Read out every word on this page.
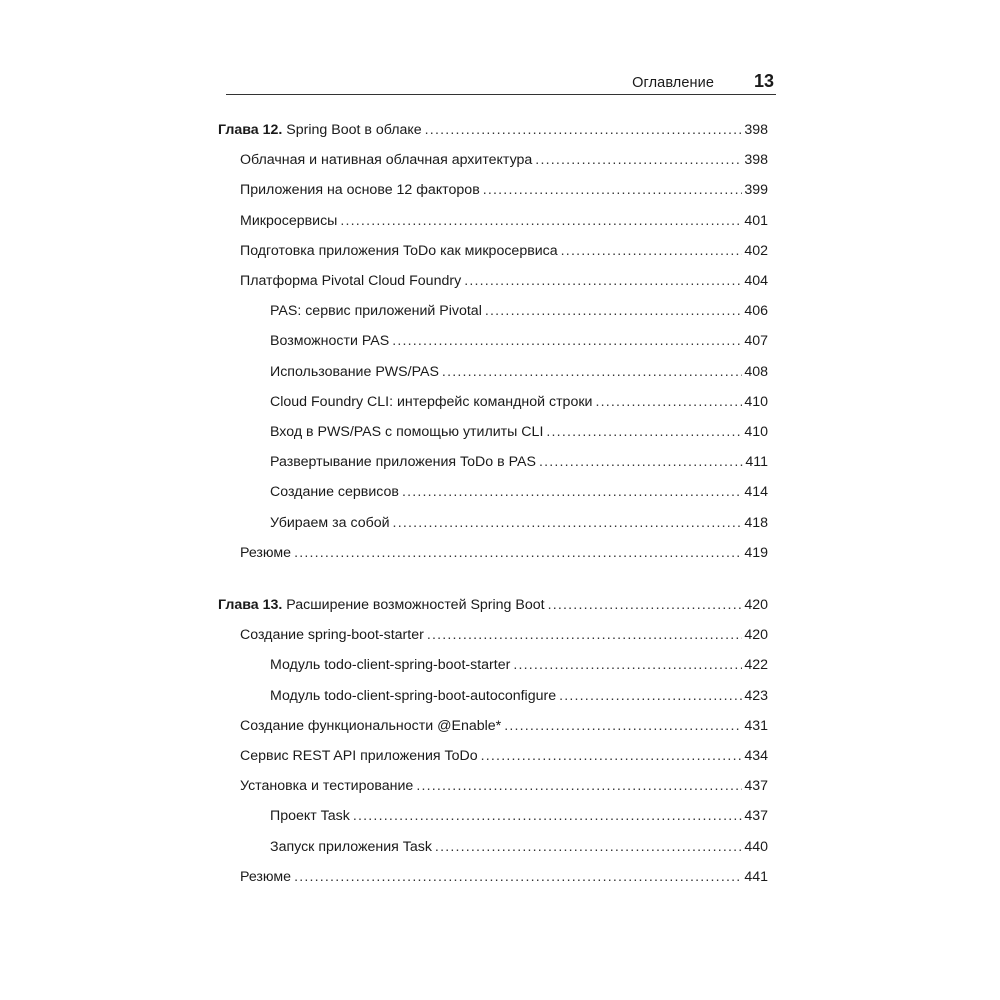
Оглавление 13
Глава 12. Spring Boot в облаке .....	398
Облачная и нативная облачная архитектура .....	398
Приложения на основе 12 факторов .....	399
Микросервисы .....	401
Подготовка приложения ToDo как микросервиса .....	402
Платформа Pivotal Cloud Foundry .....	404
PAS: сервис приложений Pivotal .....	406
Возможности PAS .....	407
Использование PWS/PAS .....	408
Cloud Foundry CLI: интерфейс командной строки .....	410
Вход в PWS/PAS с помощью утилиты CLI .....	410
Развертывание приложения ToDo в PAS .....	411
Создание сервисов .....	414
Убираем за собой .....	418
Резюме .....	419
Глава 13. Расширение возможностей Spring Boot .....	420
Создание spring-boot-starter .....	420
Модуль todo-client-spring-boot-starter .....	422
Модуль todo-client-spring-boot-autoconfigure .....	423
Создание функциональности @Enable* .....	431
Сервис REST API приложения ToDo .....	434
Установка и тестирование .....	437
Проект Task .....	437
Запуск приложения Task .....	440
Резюме .....	441
